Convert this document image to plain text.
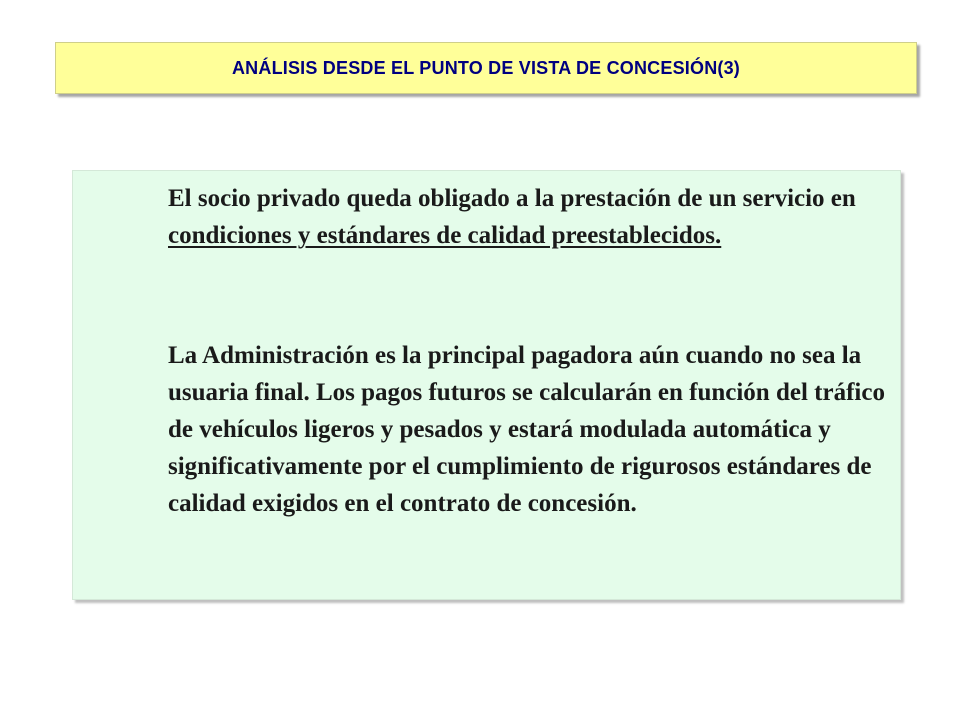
ANÁLISIS DESDE EL PUNTO DE VISTA DE CONCESIÓN(3)

El socio privado queda obligado a la prestación de un servicio en condiciones y estándares de calidad preestablecidos.

La Administración es la principal pagadora aún cuando no sea la usuaria final. Los pagos futuros se calcularán en función del tráfico de vehículos ligeros y pesados y estará modulada automática y significativamente por el cumplimiento de rigurosos estándares de calidad exigidos en el contrato de concesión.
